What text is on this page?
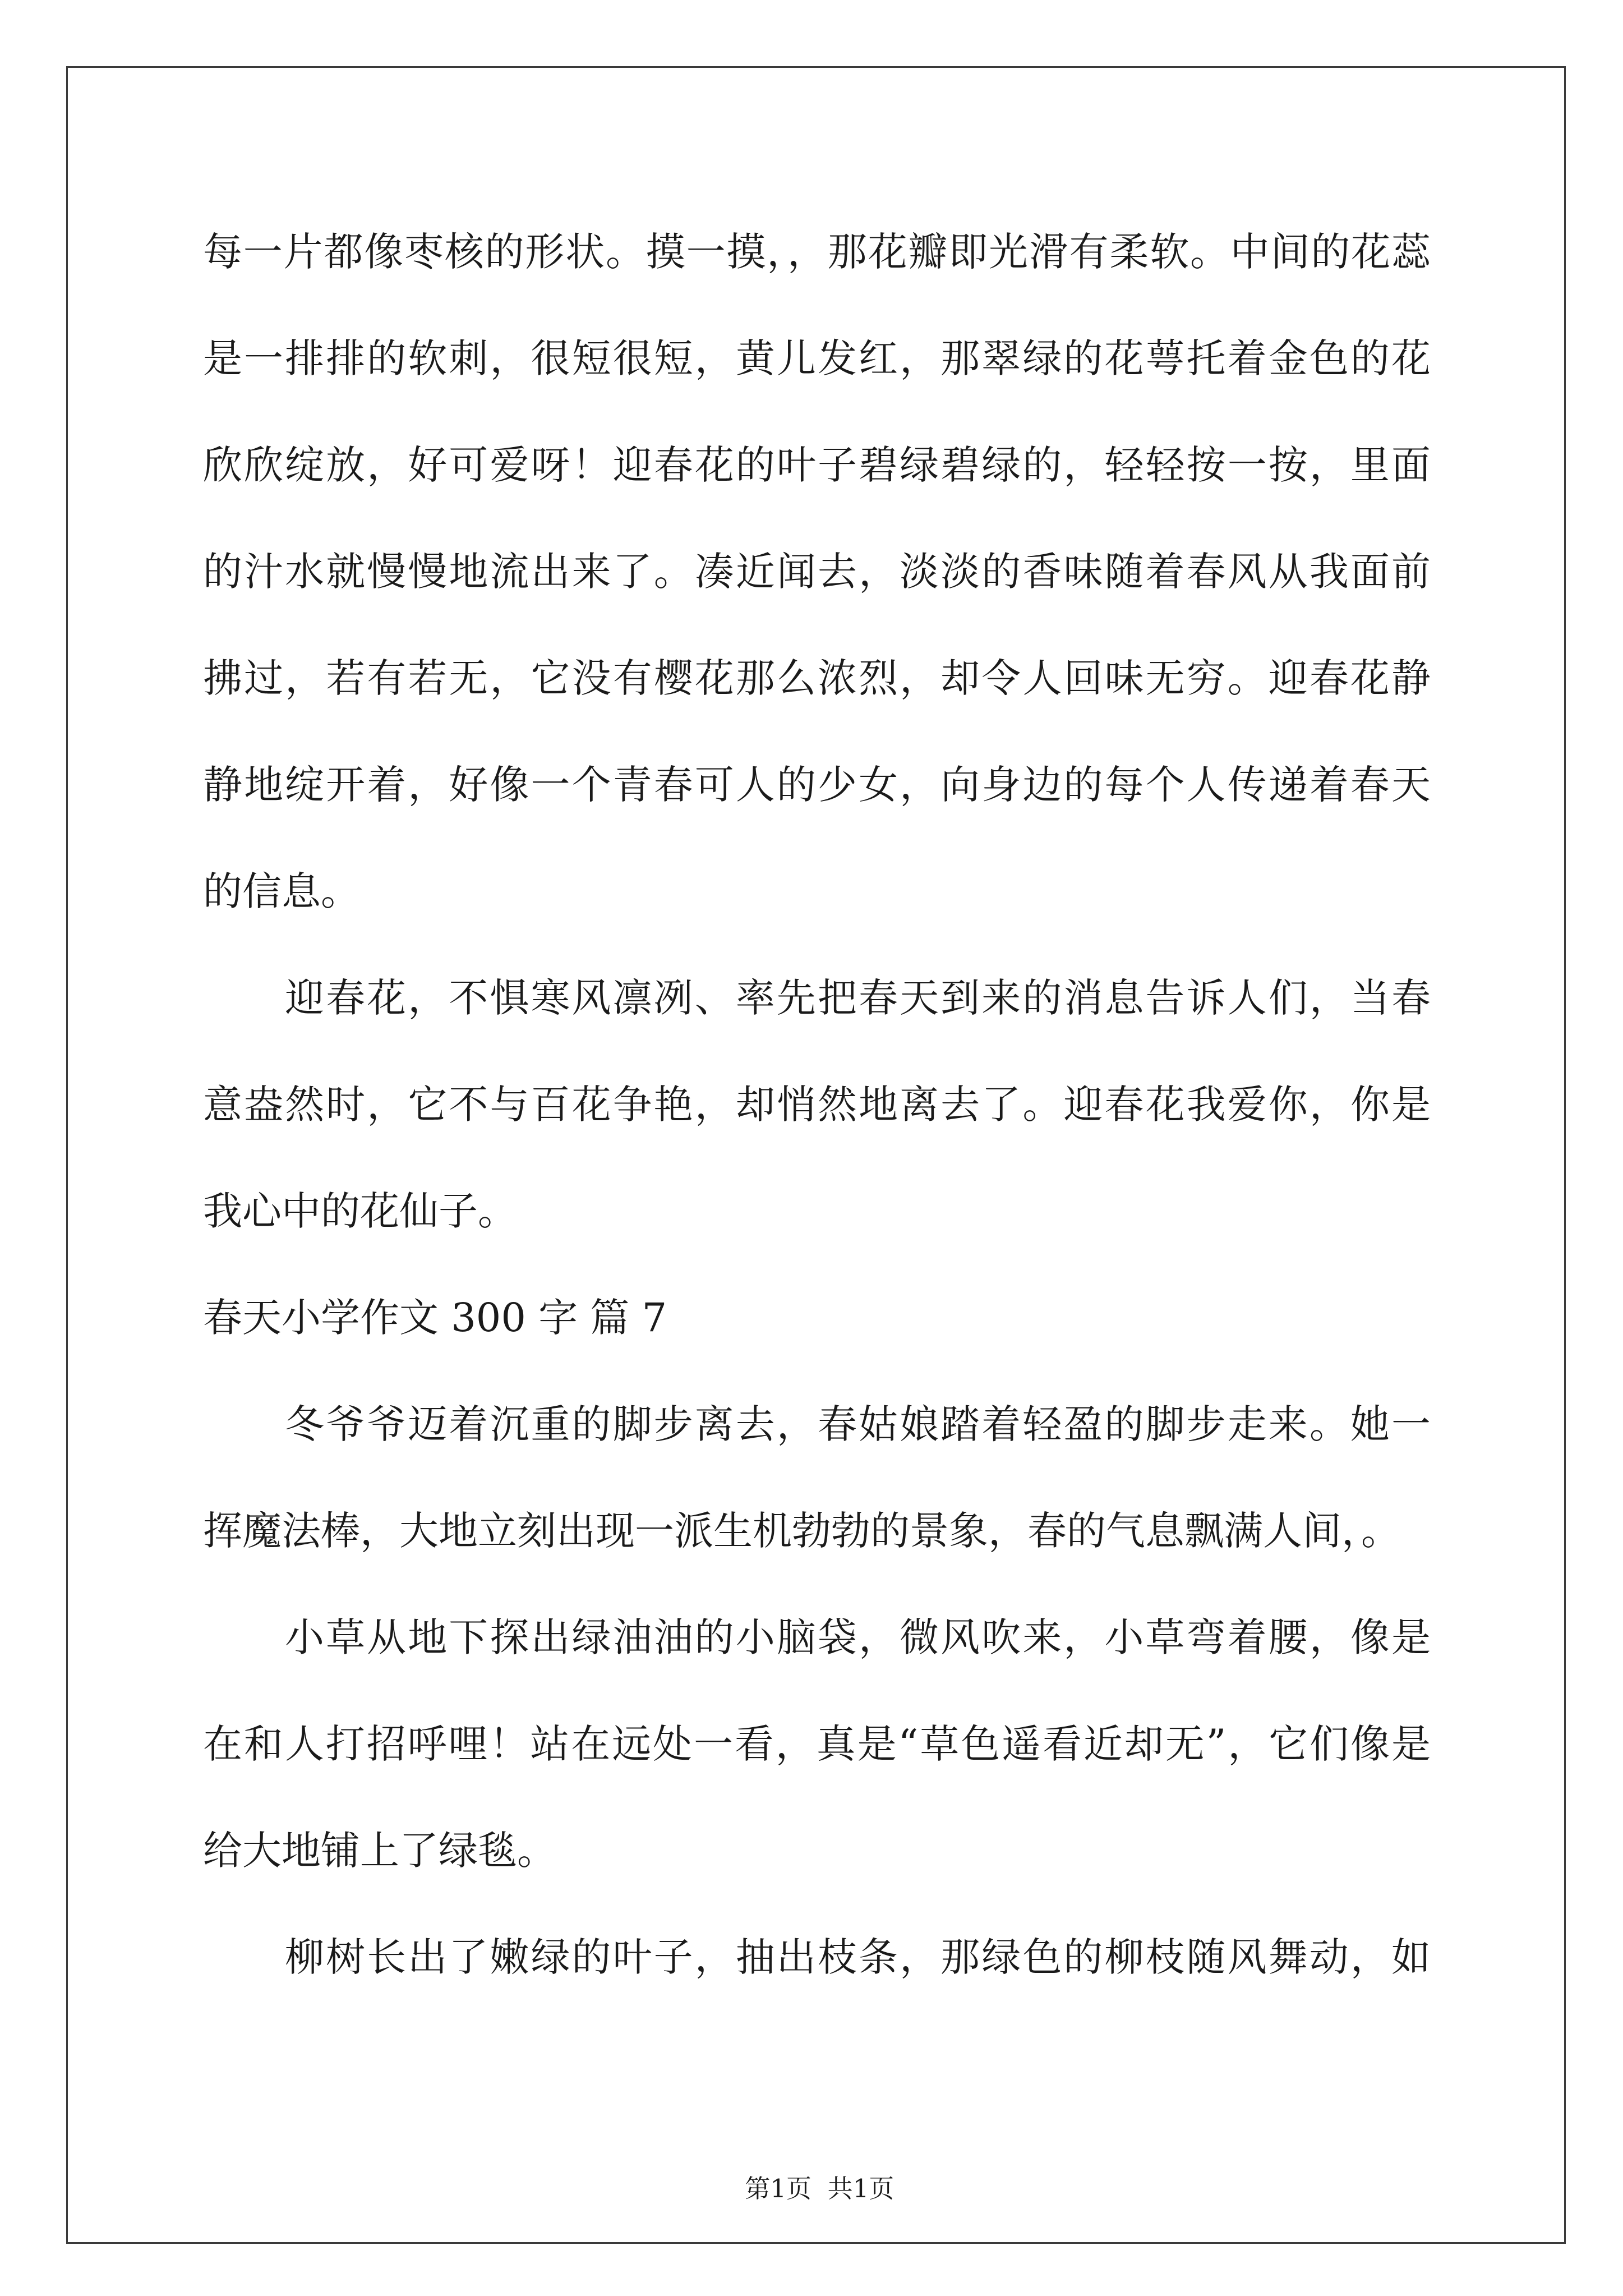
每一片都像枣核的形状。摸一摸，，那花瓣即光滑有柔软。中间的花蕊
是一排排的软刺，很短很短，黄儿发红，那翠绿的花萼托着金色的花
欣欣绽放，好可爱呀！迎春花的叶子碧绿碧绿的，轻轻按一按，里面
的汁水就慢慢地流出来了。凑近闻去，淡淡的香味随着春风从我面前
拂过，若有若无，它没有樱花那么浓烈，却令人回味无穷。迎春花静
静地绽开着，好像一个青春可人的少女，向身边的每个人传递着春天
的信息。
迎春花，不惧寒风凛冽、率先把春天到来的消息告诉人们，当春
意盎然时，它不与百花争艳，却悄然地离去了。迎春花我爱你，你是
我心中的花仙子。
春天小学作文 300 字 篇 7
冬爷爷迈着沉重的脚步离去，春姑娘踏着轻盈的脚步走来。她一
挥魔法棒，大地立刻出现一派生机勃勃的景象，春的气息飘满人间，。
小草从地下探出绿油油的小脑袋，微风吹来，小草弯着腰，像是
在和人打招呼哩！站在远处一看，真是“草色遥看近却无”，它们像是
给大地铺上了绿毯。
柳树长出了嫩绿的叶子，抽出枝条，那绿色的柳枝随风舞动，如

第1页  共1页
